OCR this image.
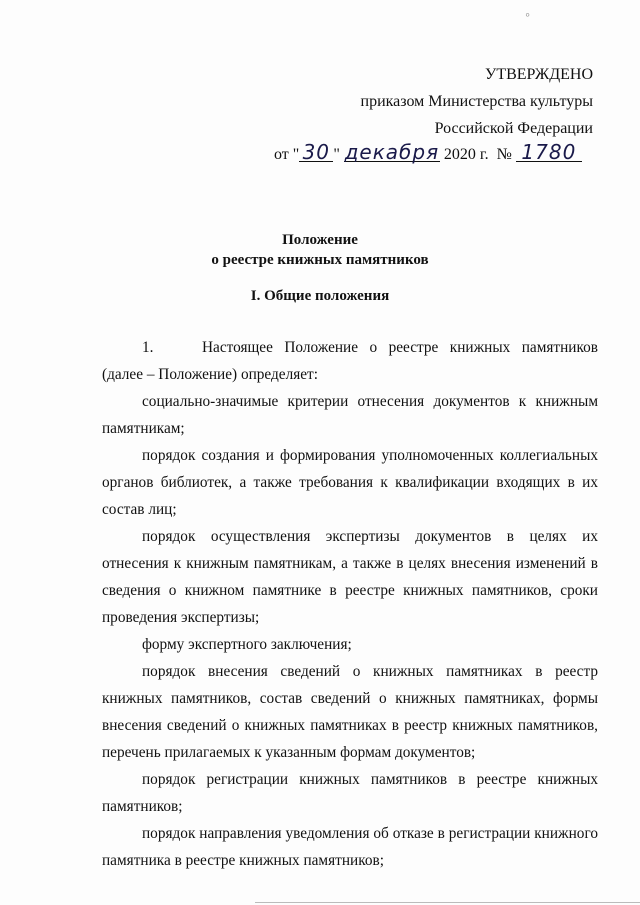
⸰
УТВЕРЖДЕНО
приказом Министерства культуры
Российской Федерации
от " 30 " декабря 2020 г. № 1780
Положение
о реестре книжных памятников
I. Общие положения

1.	Настоящее Положение о реестре книжных памятников (далее – Положение) определяет:

социально-значимые критерии отнесения документов к книжным памятникам;

порядок создания и формирования уполномоченных коллегиальных органов библиотек, а также требования к квалификации входящих в их состав лиц;

порядок осуществления экспертизы документов в целях их отнесения к книжным памятникам, а также в целях внесения изменений в сведения о книжном памятнике в реестре книжных памятников, сроки проведения экспертизы;

форму экспертного заключения;

порядок внесения сведений о книжных памятниках в реестр книжных памятников, состав сведений о книжных памятниках, формы внесения сведений о книжных памятниках в реестр книжных памятников, перечень прилагаемых к указанным формам документов;

порядок регистрации книжных памятников в реестре книжных памятников;

порядок направления уведомления об отказе в регистрации книжного памятника в реестре книжных памятников;
